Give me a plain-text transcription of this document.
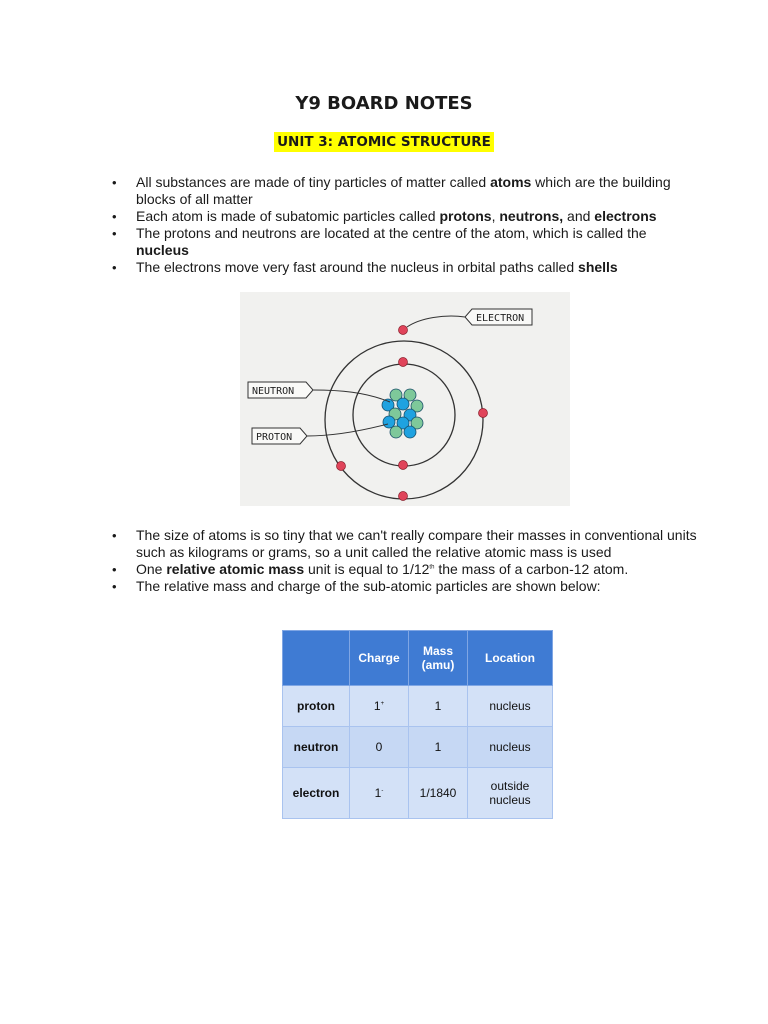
Y9 BOARD NOTES
UNIT 3: ATOMIC STRUCTURE
• All substances are made of tiny particles of matter called atoms which are the building blocks of all matter
• Each atom is made of subatomic particles called protons, neutrons, and electrons
• The protons and neutrons are located at the centre of the atom, which is called the nucleus
• The electrons move very fast around the nucleus in orbital paths called shells
ELECTRON
NEUTRON
PROTON
• The size of atoms is so tiny that we can't really compare their masses in conventional units such as kilograms or grams, so a unit called the relative atomic mass is used
• One relative atomic mass unit is equal to 1/12th the mass of a carbon-12 atom.
• The relative mass and charge of the sub-atomic particles are shown below:
	Charge	Mass (amu)	Location
proton	1+	1	nucleus
neutron	0	1	nucleus
electron	1-	1/1840	outside nucleus
